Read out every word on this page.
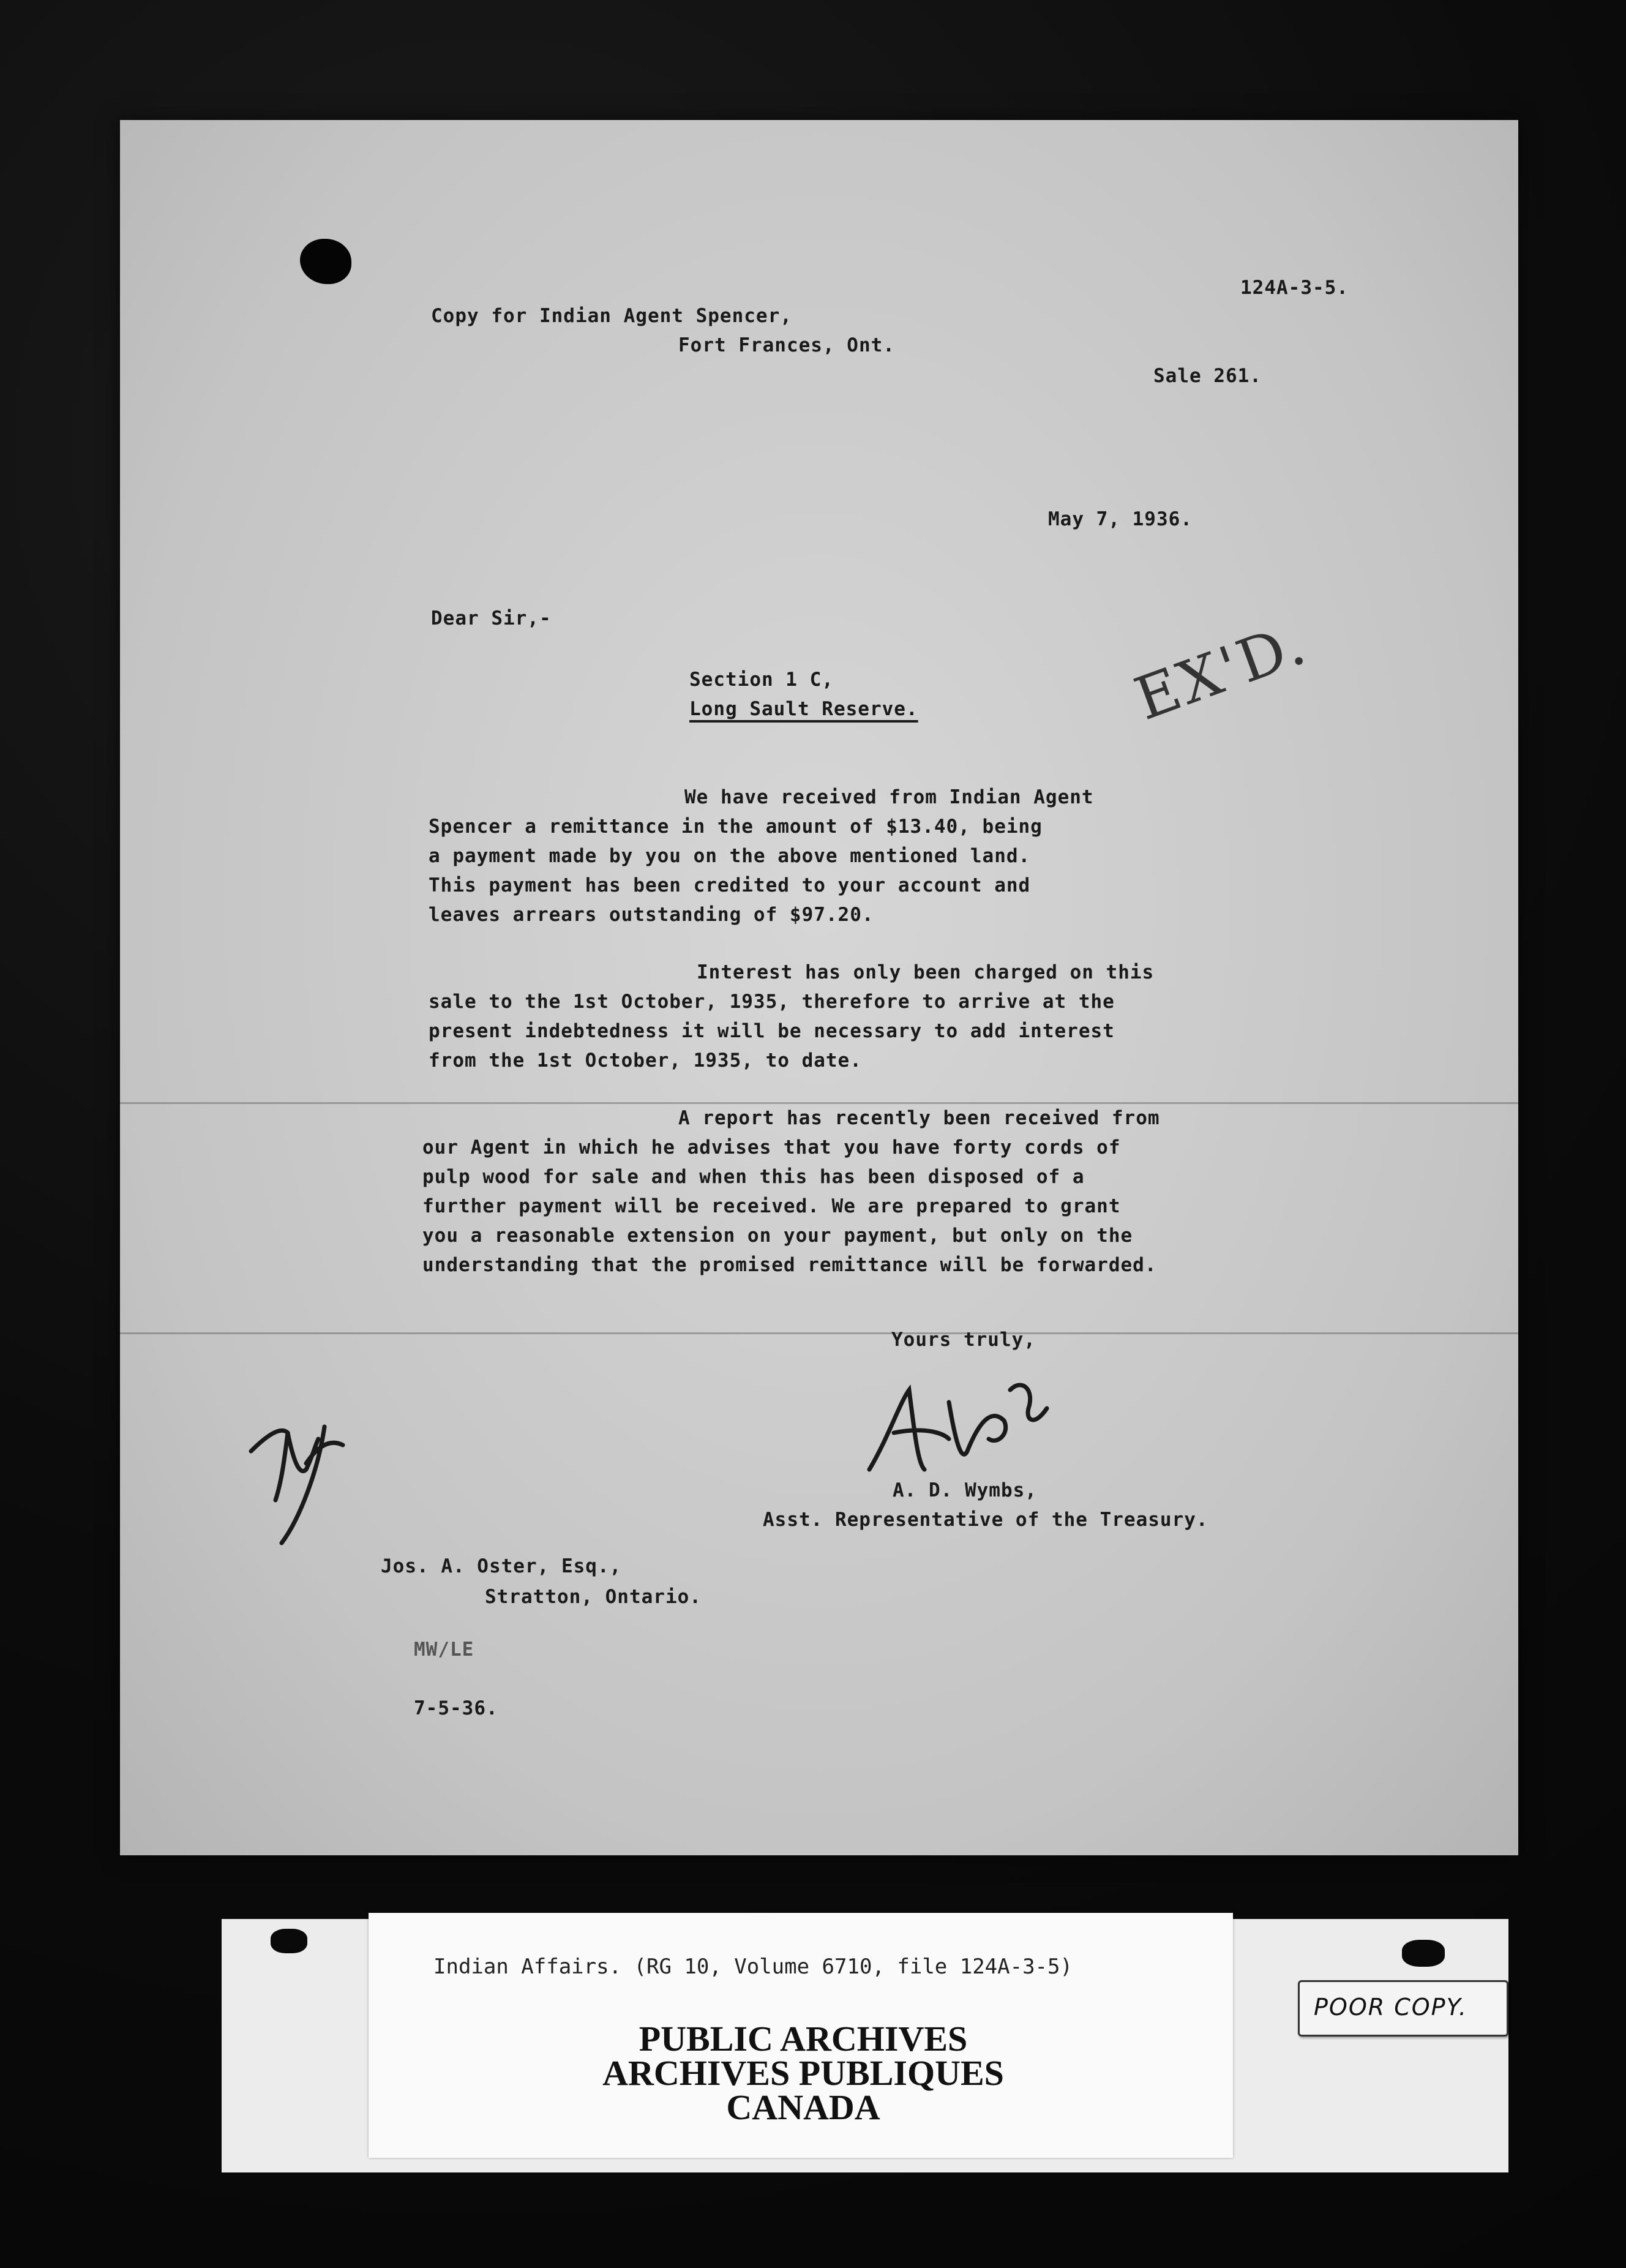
124A-3-5.
Copy for Indian Agent Spencer,
Fort Frances, Ont.
Sale 261.
May 7, 1936.
Dear Sir,-
Section 1 C,
Long Sault Reserve.	EX'D.
We have received from Indian Agent
Spencer a remittance in the amount of $13.40, being
a payment made by you on the above mentioned land.
This payment has been credited to your account and
leaves arrears outstanding of $97.20.
Interest has only been charged on this
sale to the 1st October, 1935, therefore to arrive at the
present indebtedness it will be necessary to add interest
from the 1st October, 1935, to date.
A report has recently been received from
our Agent in which he advises that you have forty cords of
pulp wood for sale and when this has been disposed of a
further payment will be received. We are prepared to grant
you a reasonable extension on your payment, but only on the
understanding that the promised remittance will be forwarded.
Yours truly,
A. D. Wymbs,
Asst. Representative of the Treasury.
Jos. A. Oster, Esq.,
Stratton, Ontario.
MW/LE
7-5-36.
Indian Affairs. (RG 10, Volume 6710, file 124A-3-5)
PUBLIC ARCHIVES
ARCHIVES PUBLIQUES
CANADA
POOR COPY.
